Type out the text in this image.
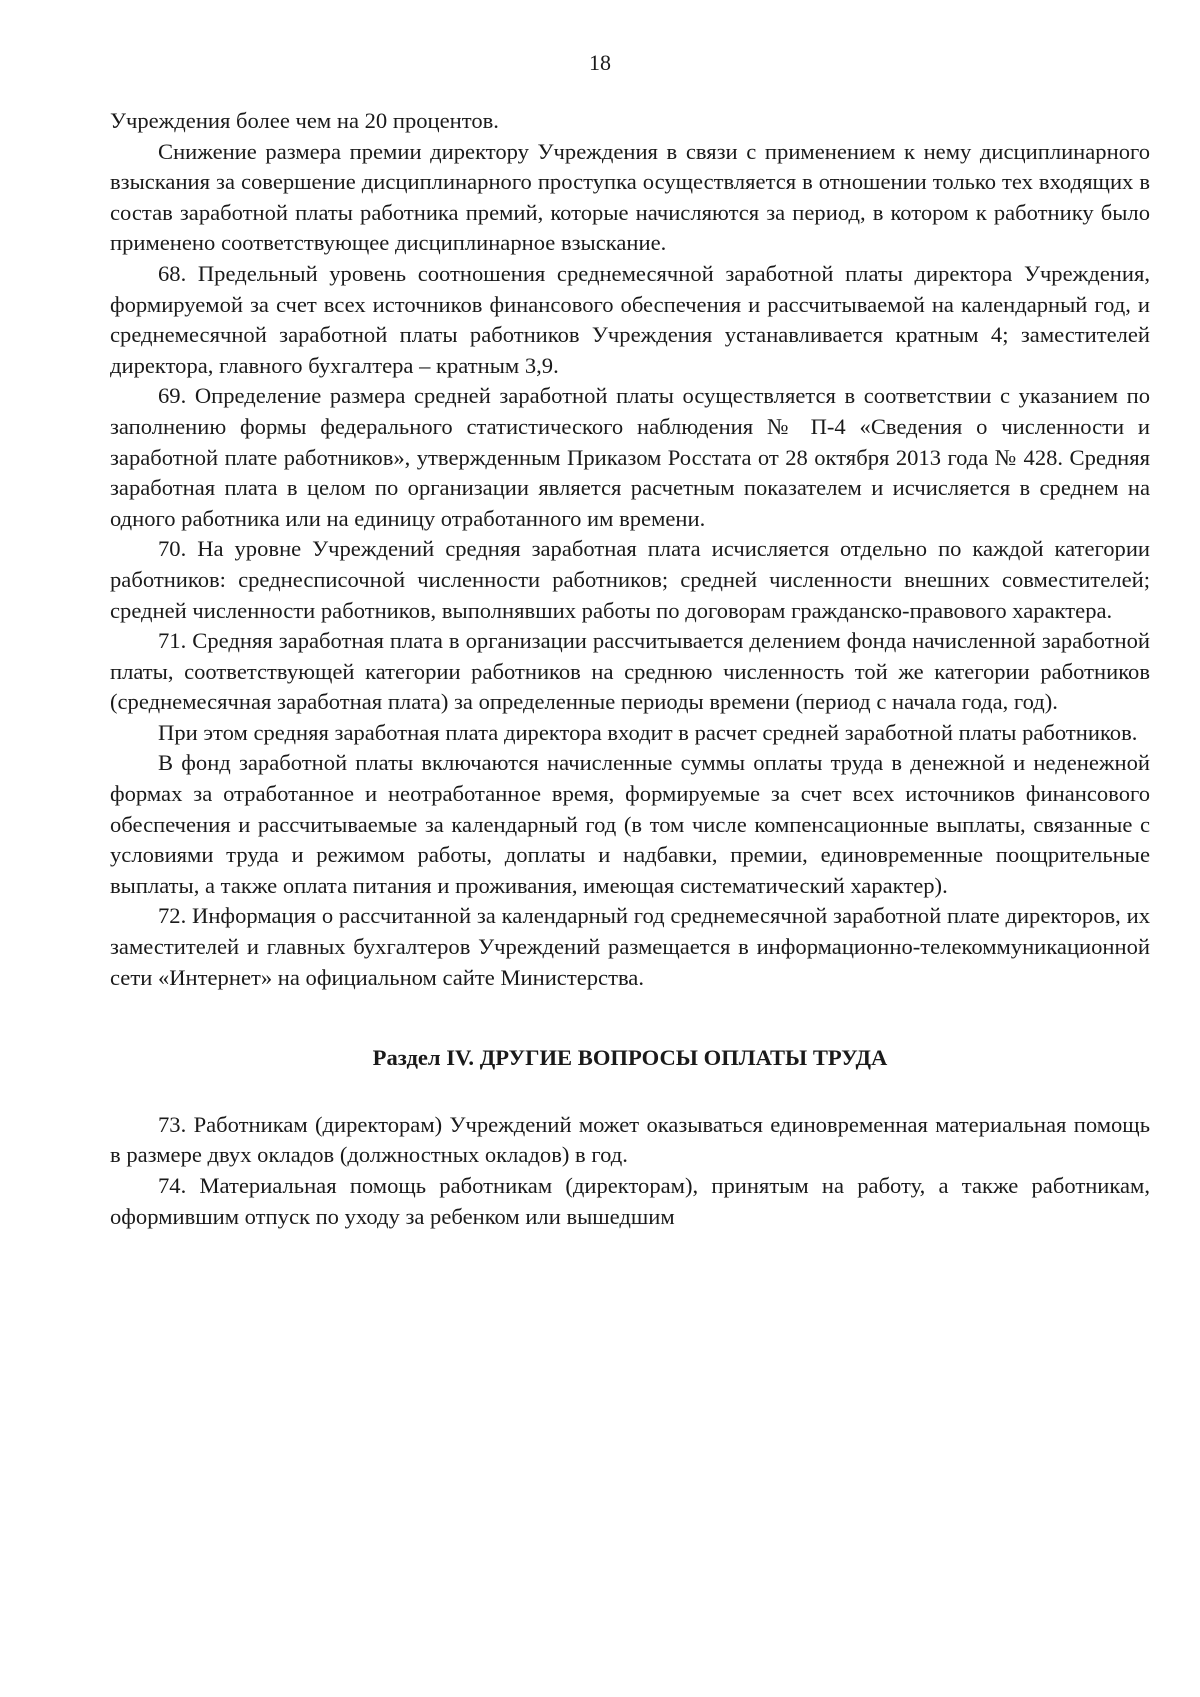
18

Учреждения более чем на 20 процентов.

Снижение размера премии директору Учреждения в связи с применением к нему дисциплинарного взыскания за совершение дисциплинарного проступка осуществляется в отношении только тех входящих в состав заработной платы работника премий, которые начисляются за период, в котором к работнику было применено соответствующее дисциплинарное взыскание.

68. Предельный уровень соотношения среднемесячной заработной платы директора Учреждения, формируемой за счет всех источников финансового обеспечения и рассчитываемой на календарный год, и среднемесячной заработной платы работников Учреждения устанавливается кратным 4; заместителей директора, главного бухгалтера – кратным 3,9.

69. Определение размера средней заработной платы осуществляется в соответствии с указанием по заполнению формы федерального статистического наблюдения № П-4 «Сведения о численности и заработной плате работников», утвержденным Приказом Росстата от 28 октября 2013 года № 428. Средняя заработная плата в целом по организации является расчетным показателем и исчисляется в среднем на одного работника или на единицу отработанного им времени.

70. На уровне Учреждений средняя заработная плата исчисляется отдельно по каждой категории работников: среднесписочной численности работников; средней численности внешних совместителей; средней численности работников, выполнявших работы по договорам гражданско-правового характера.

71. Средняя заработная плата в организации рассчитывается делением фонда начисленной заработной платы, соответствующей категории работников на среднюю численность той же категории работников (среднемесячная заработная плата) за определенные периоды времени (период с начала года, год).

При этом средняя заработная плата директора входит в расчет средней заработной платы работников.

В фонд заработной платы включаются начисленные суммы оплаты труда в денежной и неденежной формах за отработанное и неотработанное время, формируемые за счет всех источников финансового обеспечения и рассчитываемые за календарный год (в том числе компенсационные выплаты, связанные с условиями труда и режимом работы, доплаты и надбавки, премии, единовременные поощрительные выплаты, а также оплата питания и проживания, имеющая систематический характер).

72. Информация о рассчитанной за календарный год среднемесячной заработной плате директоров, их заместителей и главных бухгалтеров Учреждений размещается в информационно-телекоммуникационной сети «Интернет» на официальном сайте Министерства.

Раздел IV. ДРУГИЕ ВОПРОСЫ ОПЛАТЫ ТРУДА

73. Работникам (директорам) Учреждений может оказываться единовременная материальная помощь в размере двух окладов (должностных окладов) в год.

74. Материальная помощь работникам (директорам), принятым на работу, а также работникам, оформившим отпуск по уходу за ребенком или вышедшим
